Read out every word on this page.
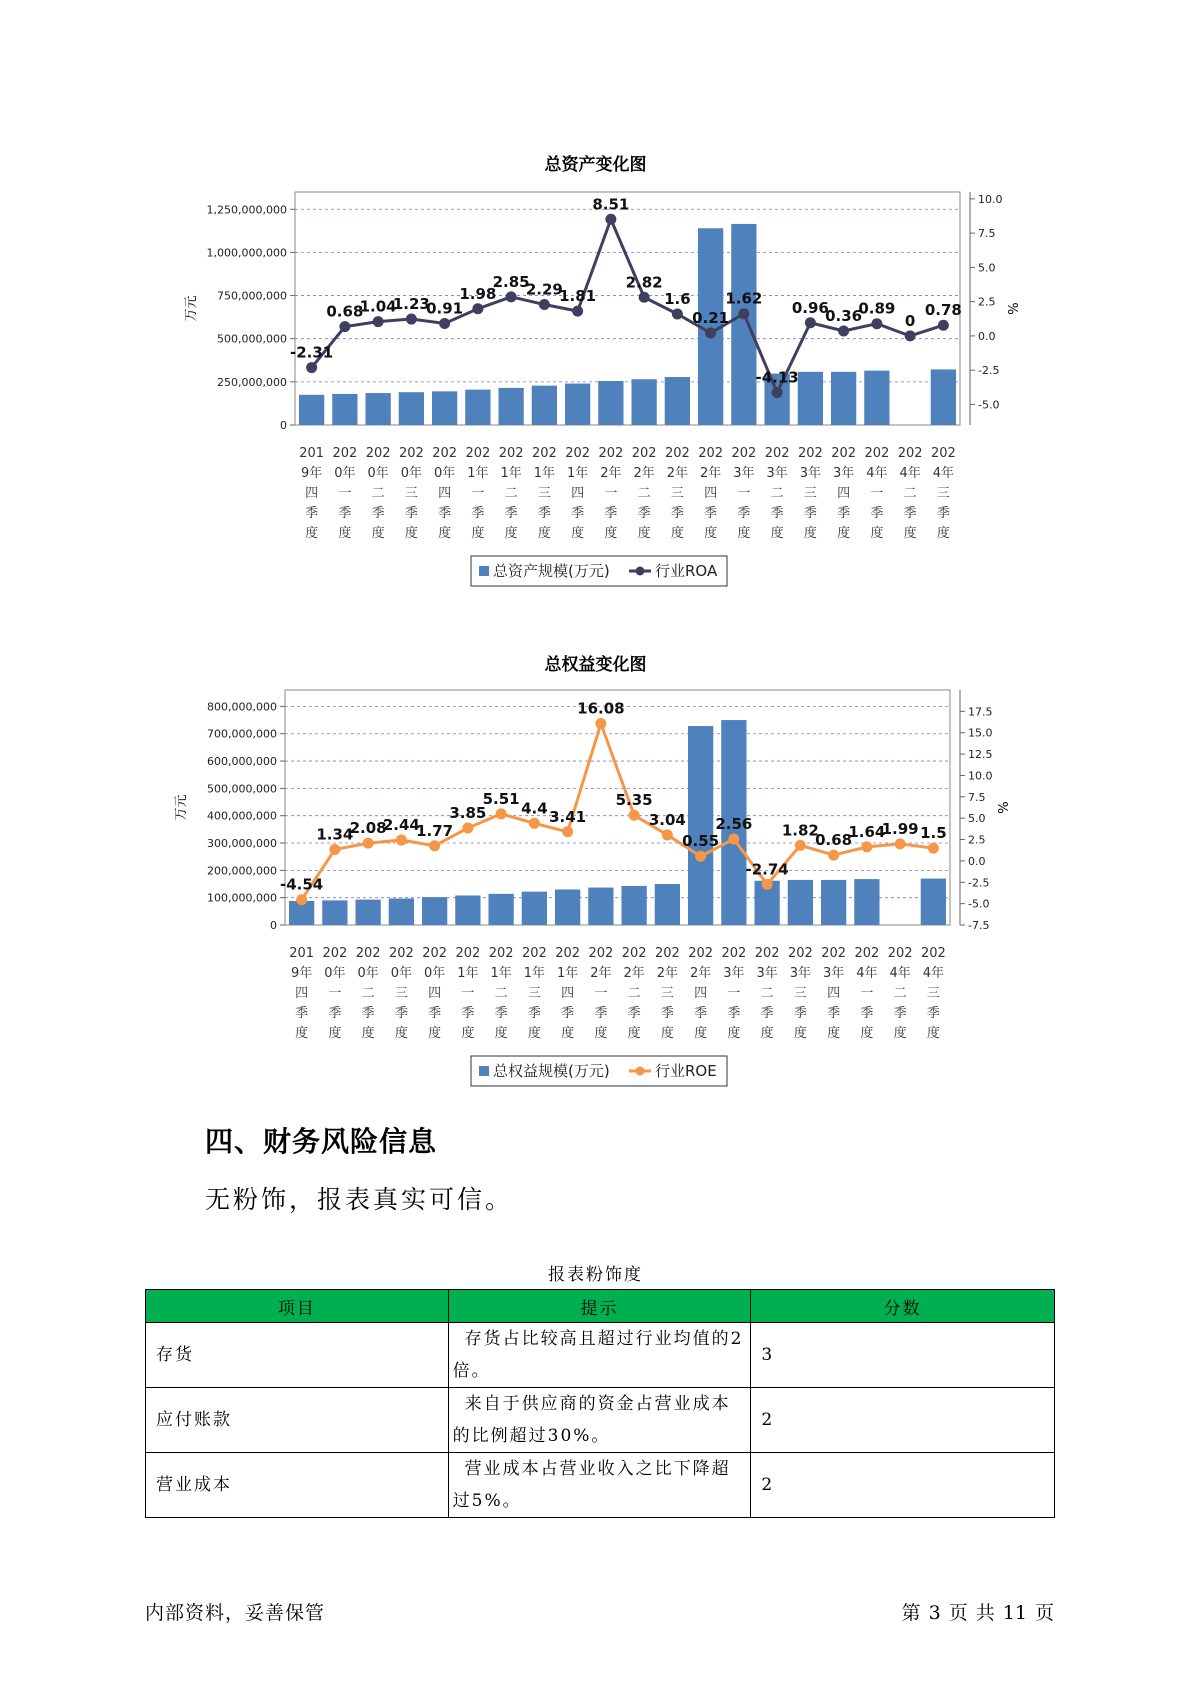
总资产变化图
0
250,000,000
500,000,000
750,000,000
1,000,000,000
1,250,000,000
-5.0
-2.5
0.0
2.5
5.0
7.5
10.0
万元	%
201 9年四季度
202 0年一季度
202 0年二季度
202 0年三季度
202 0年四季度
202 1年一季度
202 1年二季度
202 1年三季度
202 1年四季度
202 2年一季度
202 2年二季度
202 2年三季度
202 2年四季度
202 3年一季度
202 3年二季度
202 3年三季度
202 3年四季度
202 4年一季度
202 4年二季度
202 4年三季度
-2.31
0.68
1.04
1.23
0.91
1.98
2.85
2.29
1.81
8.51
2.82
1.6
0.21
1.62
-4.13
0.96
0.36
0.89
0
0.78
总资产规模(万元)	行业ROA
总权益变化图
0
100,000,000
200,000,000
300,000,000
400,000,000
500,000,000
600,000,000
700,000,000
800,000,000
-7.5
-5.0
-2.5
0.0
2.5
5.0
7.5
10.0
12.5
15.0
17.5
万元	%
201 9年四季度
202 0年一季度
202 0年二季度
202 0年三季度
202 0年四季度
202 1年一季度
202 1年二季度
202 1年三季度
202 1年四季度
202 2年一季度
202 2年二季度
202 2年三季度
202 2年四季度
202 3年一季度
202 3年二季度
202 3年三季度
202 3年四季度
202 4年一季度
202 4年二季度
202 4年三季度
-4.54
1.34
2.08
2.44
1.77
3.85
5.51
4.4 3.41
16.08
5.35
3.04
0.55
2.56
-2.74
1.82
0.68
1.64
1.99 1.5
总权益规模(万元)	行业ROE
四、财务风险信息
无粉饰，报表真实可信。
报表粉饰度
项目	提示	分数
存货	存货占比较高且超过行业均值的2倍。	3
应付账款	来自于供应商的资金占营业成本的比例超过30%。	2
营业成本	营业成本占营业收入之比下降超过5%。	2
内部资料，妥善保管	第 3 页 共 11 页
